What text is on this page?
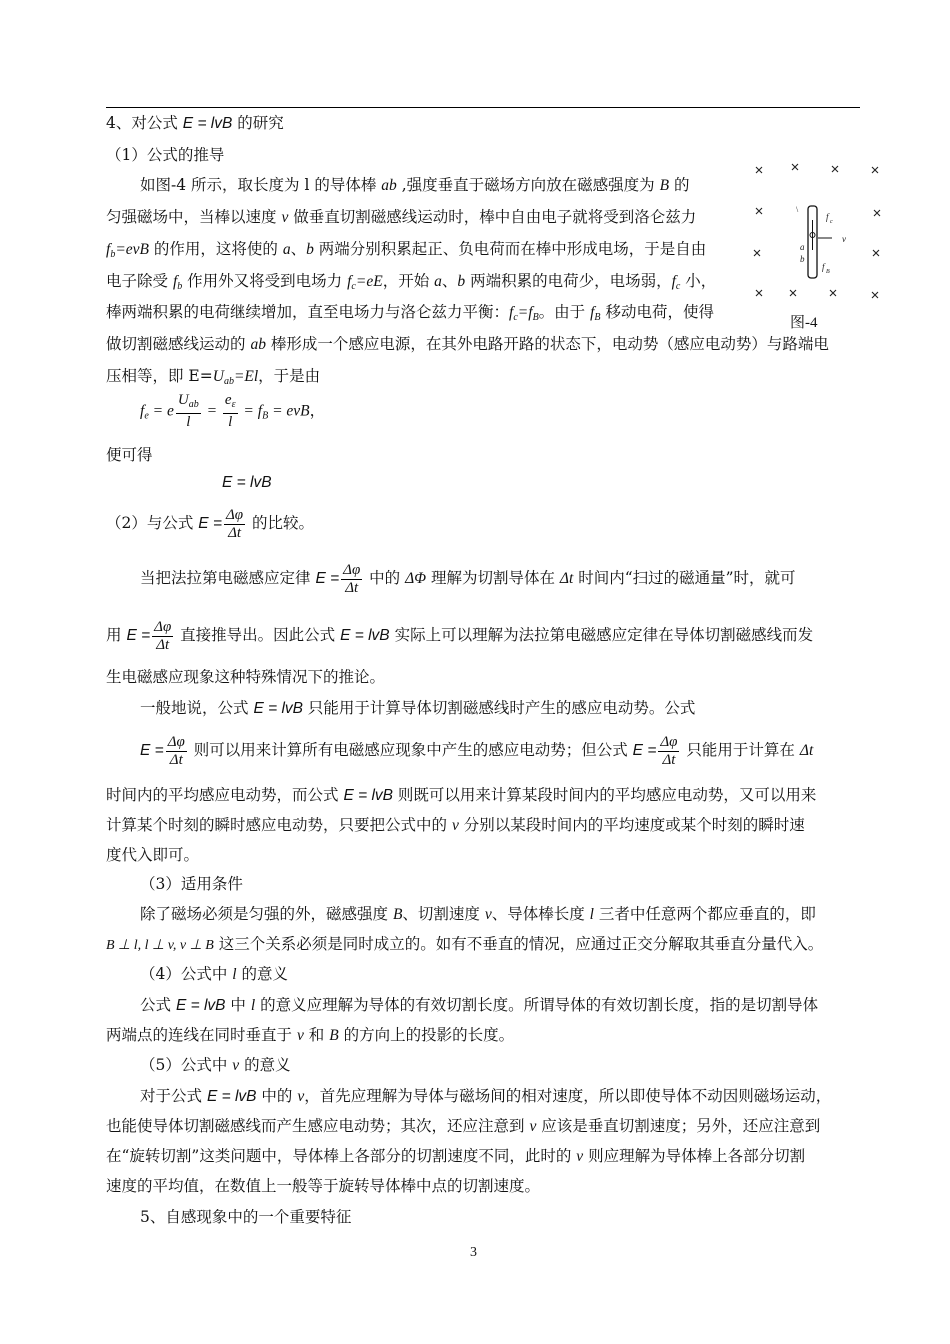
4、对公式 E = lvB 的研究
（1）公式的推导
如图-4 所示，取长度为 l 的导体棒 ab ,强度垂直于磁场方向放在磁感强度为 B 的
匀强磁场中，当棒以速度 v 做垂直切割磁感线运动时，棒中自由电子就将受到洛仑兹力
$f_b=evB$ 的作用，这将使的 a、b 两端分别积累起正、负电荷而在棒中形成电场，于是自由
电子除受 $f_b$ 作用外又将受到电场力 $f_c=eE$，开始 a、b 两端积累的电荷少，电场弱，$f_c$ 小，
棒两端积累的电荷继续增加，直至电场力与洛仑兹力平衡：$f_c=f_B$。由于 $f_B$ 移动电荷，使得
做切割磁感线运动的 ab 棒形成一个感应电源，在其外电路开路的状态下，电动势（感应电动势）与路端电
压相等，即 $E=U_{ab}=El$，于是由
$f_e = e \frac{U_{ab}}{l} = \frac{e_\varepsilon}{l} = f_B$ = evB，
便可得
E = lvB
（2）与公式 $E = \frac{\Delta\varphi}{\Delta t}$ 的比较。
当把法拉第电磁感应定律 $E = \frac{\Delta\varphi}{\Delta t}$ 中的 ΔΦ 理解为切割导体在 Δt 时间内“扫过的磁通量”时，就可
用 $E = \frac{\Delta\varphi}{\Delta t}$ 直接推导出。因此公式 E = lvB 实际上可以理解为法拉第电磁感应定律在导体切割磁感线而发
生电磁感应现象这种特殊情况下的推论。
一般地说，公式 E = lvB 只能用于计算导体切割磁感线时产生的感应电动势。公式
$E = \frac{\Delta\varphi}{\Delta t}$ 则可以用来计算所有电磁感应现象中产生的感应电动势；但公式 $E = \frac{\Delta\varphi}{\Delta t}$ 只能用于计算在 Δt
时间内的平均感应电动势，而公式 E = lvB 则既可以用来计算某段时间内的平均感应电动势，又可以用来
计算某个时刻的瞬时感应电动势，只要把公式中的 v 分别以某段时间内的平均速度或某个时刻的瞬时速
度代入即可。
（3）适用条件
除了磁场必须是匀强的外，磁感强度 B、切割速度 v、导体棒长度 l 三者中任意两个都应垂直的，即
B ⊥ l, l ⊥ v, v ⊥ B 这三个关系必须是同时成立的。如有不垂直的情况，应通过正交分解取其垂直分量代入。
（4）公式中 l 的意义
公式 E = lvB 中 l 的意义应理解为导体的有效切割长度。所谓导体的有效切割长度，指的是切割导体
两端点的连线在同时垂直于 v 和 B 的方向上的投影的长度。
（5）公式中 v 的意义
对于公式 E = lvB 中的 v，首先应理解为导体与磁场间的相对速度，所以即使导体不动因则磁场运动，
也能使导体切割磁感线而产生感应电动势；其次，还应注意到 v 应该是垂直切割速度；另外，还应注意到
在“旋转切割”这类问题中，导体棒上各部分的切割速度不同，此时的 v 则应理解为导体棒上各部分切割
速度的平均值，在数值上一般等于旋转导体棒中点的切割速度。
5、自感现象中的一个重要特征
\
a
b
f c
f B
v
图-4
3
